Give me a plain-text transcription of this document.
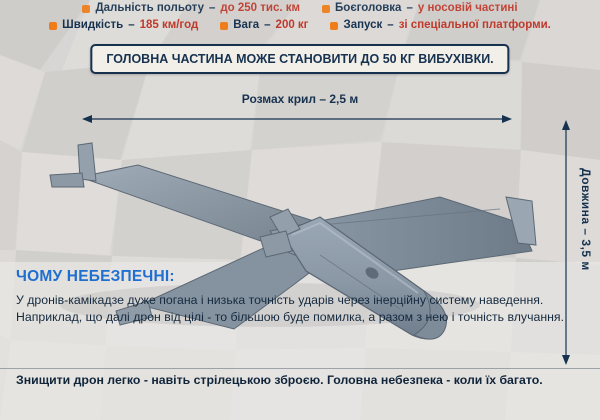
Дальність польоту – до 250 тис. км	Боєголовка – у носовій частині
Швидкість – 185 км/год	Вага – 200 кг	Запуск – зі спеціальної платформи.
ГОЛОВНА ЧАСТИНА МОЖЕ СТАНОВИТИ ДО 50 КГ ВИБУХІВКИ.
Розмах крил – 2,5 м
Довжина – 3,5 м
ЧОМУ НЕБЕЗПЕЧНІ:
У дронів-камікадзе дуже погана і низька точність ударів через інерційну систему наведення. Наприклад, що далі дрон від цілі - то більшою буде помилка, а разом з нею і точність влучання.
Знищити дрон легко - навіть стрілецькою зброєю. Головна небезпека - коли їх багато.
